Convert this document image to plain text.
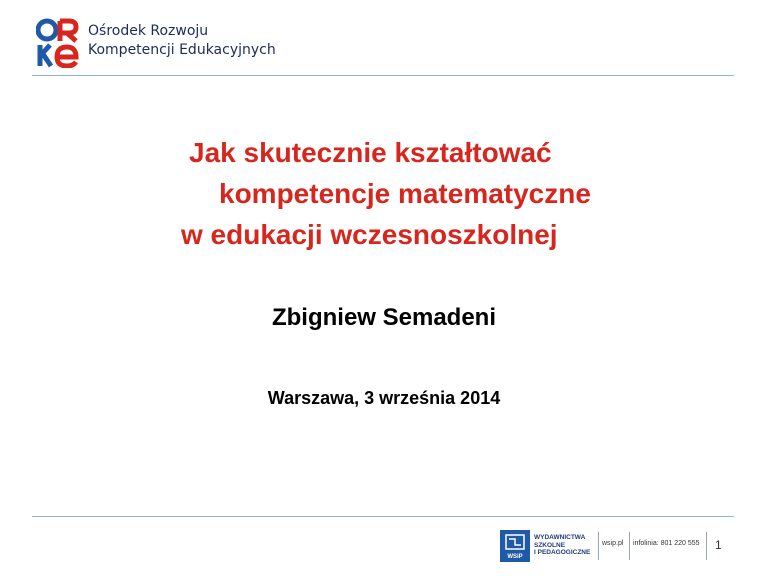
Ośrodek Rozwoju
Kompetencji Edukacyjnych
Jak skutecznie kształtować
kompetencje matematyczne
w edukacji wczesnoszkolnej
Zbigniew Semadeni
Warszawa, 3 września 2014
WSiP
WYDAWNICTWA
SZKOLNE
I PEDAGOGICZNE
wsip.pl infolinia: 801 220 555 1
